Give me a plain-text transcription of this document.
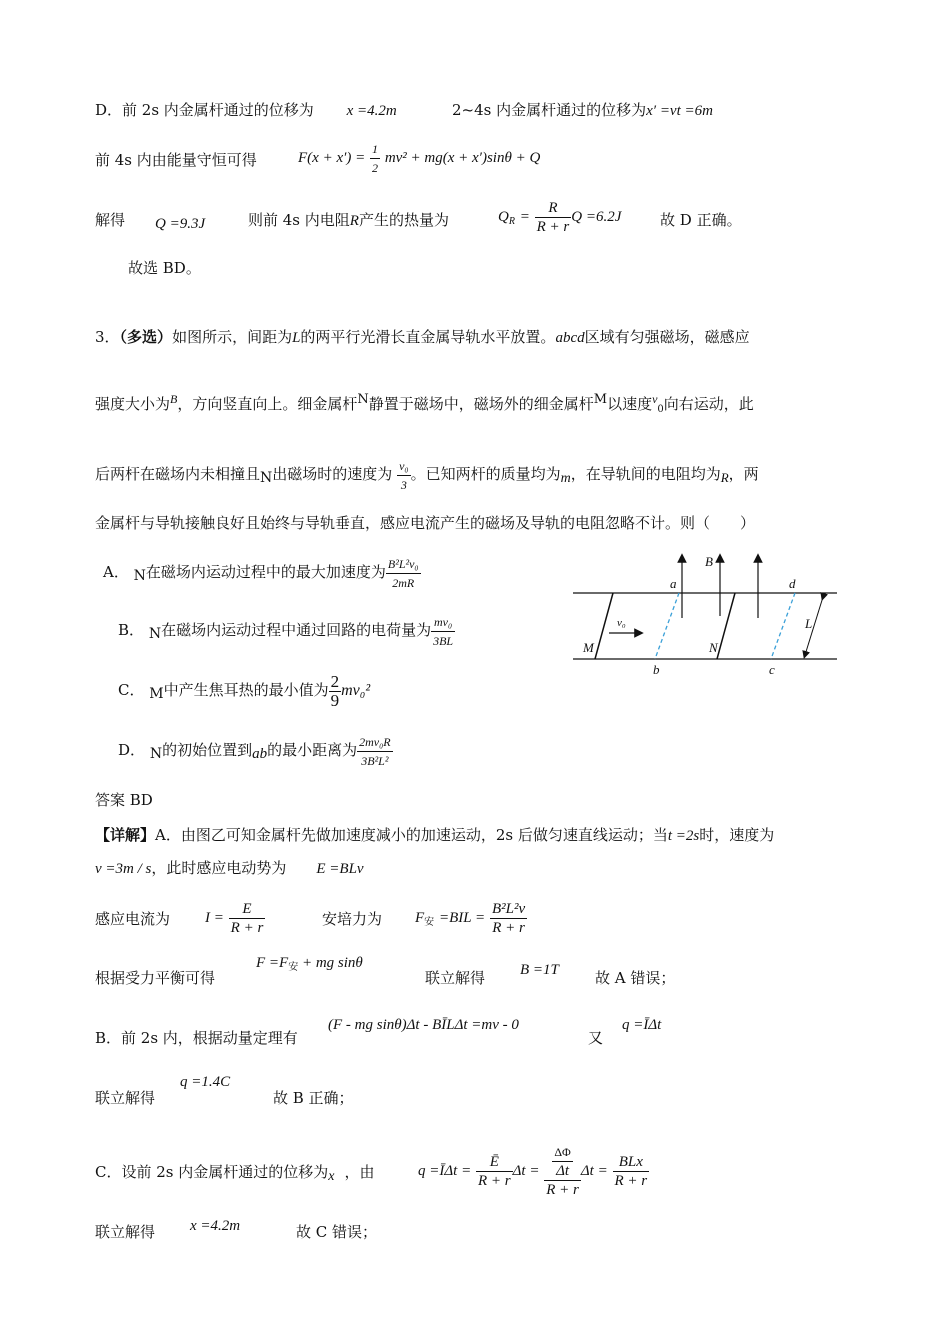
D．前 2s 内金属杆通过的位移为 x =4.2m	2~4s 内金属杆通过的位移为x′ =vt =6m
前 4s 内由能量守恒可得	$F(x + x') = \frac{1}{2} mv^2 + mg(x + x')\sin\theta + Q$
解得 Q =9.3J	则前 4s 内电阻R产生的热量为	$Q_R = \frac{R}{R + r}$ Q =6.2J	故 D 正确。
故选 BD。
3．（多选）如图所示，间距为L的两平行光滑长直金属导轨水平放置。abcd区域有匀强磁场，磁感应
强度大小为$^B$，方向竖直向上。细金属杆N静置于磁场中，磁场外的细金属杆M以速度$^v_0$向右运动，此
后两杆在磁场内未相撞且N出磁场时的速度为 $\frac{\text{v₀}}{3}$ 。已知两杆的质量均为m，在导轨间的电阻均为R，两
金属杆与导轨接触良好且始终与导轨垂直，感应电流产生的磁场及导轨的电阻忽略不计。则（　　）
A． N在磁场内运动过程中的最大加速度为 $\frac{\text{B²L²v₀}}{2mR}$
B． N在磁场内运动过程中通过回路的电荷量为 $\frac{\text{mv₀}}{3BL}$
C． M中产生焦耳热的最小值为 $\frac{2}{9} mv_0^2$
D． N的初始位置到ab的最小距离为 $\frac{\text{2mv₀R}}{\text{3B²L²}}$
a
b	c
d
B
L
M	N
v₀
答案 BD
【详解】A．由图乙可知金属杆先做加速度减小的加速运动，2s 后做匀速直线运动；当t =2s时，速度为
v =3m / s，此时感应电动势为 E =BLv
感应电流为 $I = \frac{E}{R + r}$	安培力为 $F_安 =BIL = \frac{\text{B²L²v}}{R + r}$
根据受力平衡可得
$F =F_安$ + mg sinθ
联立解得 B =1T 故 A 错误；
B．前 2s 内，根据动量定理有
(F - mg sinθ)Δt - BĪLΔt =mv - 0
又
q =ĪΔt
联立解得
q =1.4C
故 B 正确；
C．设前 2s 内金属杆通过的位移为x ，由	q =ĪΔt = $\frac{Ē}{R + r}$ $\Delta t = \frac{\frac{\Delta\Phi}{\Delta t}}{R + r}$ $\Delta t = \frac{\text{BLx}}{R + r}$
联立解得 x =4.2m	故 C 错误；
